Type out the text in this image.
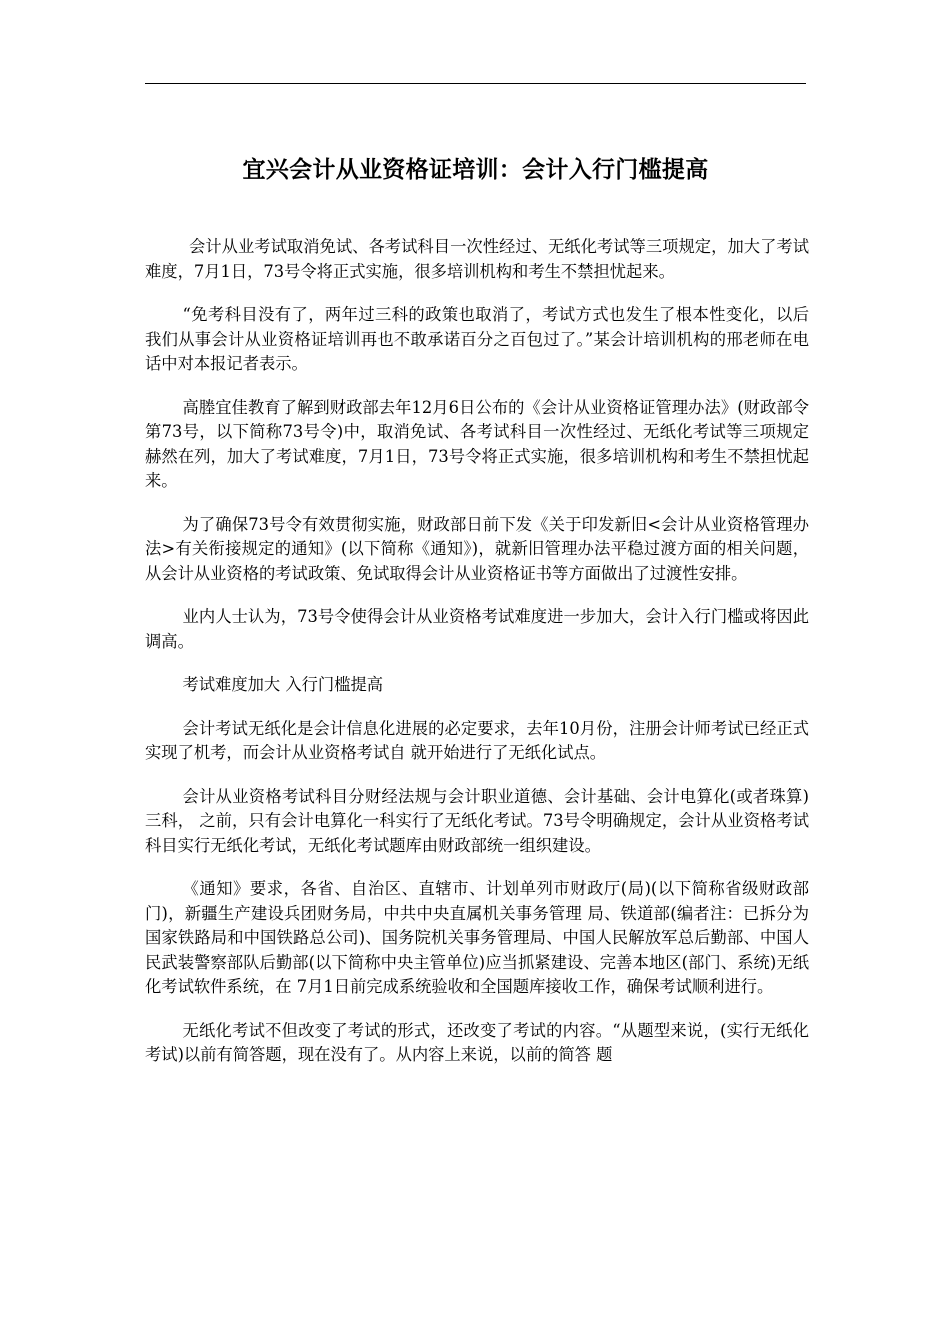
宜兴会计从业资格证培训：会计入行门槛提高

会计从业考试取消免试、各考试科目一次性经过、无纸化考试等三项规定，加大了考试难度，7月1日，73号令将正式实施，很多培训机构和考生不禁担忧起来。

“免考科目没有了，两年过三科的政策也取消了，考试方式也发生了根本性变化，以后我们从事会计从业资格证培训再也不敢承诺百分之百包过了。”某会计培训机构的邢老师在电话中对本报记者表示。

高塍宜佳教育了解到财政部去年12月6日公布的《会计从业资格证管理办法》(财政部令第73号，以下简称73号令)中，取消免试、各考试科目一次性经过、无纸化考试等三项规定赫然在列，加大了考试难度，7月1日，73号令将正式实施，很多培训机构和考生不禁担忧起来。

为了确保73号令有效贯彻实施，财政部日前下发《关于印发新旧<会计从业资格管理办法>有关衔接规定的通知》(以下简称《通知》)，就新旧管理办法平稳过渡方面的相关问题，从会计从业资格的考试政策、免试取得会计从业资格证书等方面做出了过渡性安排。

业内人士认为，73号令使得会计从业资格考试难度进一步加大，会计入行门槛或将因此调高。

考试难度加大 入行门槛提高

会计考试无纸化是会计信息化进展的必定要求，去年10月份，注册会计师考试已经正式实现了机考，而会计从业资格考试自 就开始进行了无纸化试点。

会计从业资格考试科目分财经法规与会计职业道德、会计基础、会计电算化(或者珠算)三科， 之前，只有会计电算化一科实行了无纸化考试。73号令明确规定，会计从业资格考试科目实行无纸化考试，无纸化考试题库由财政部统一组织建设。

《通知》要求，各省、自治区、直辖市、计划单列市财政厅(局)(以下简称省级财政部门)，新疆生产建设兵团财务局，中共中央直属机关事务管理 局、铁道部(编者注：已拆分为国家铁路局和中国铁路总公司)、国务院机关事务管理局、中国人民解放军总后勤部、中国人民武装警察部队后勤部(以下简称中央主管单位)应当抓紧建设、完善本地区(部门、系统)无纸化考试软件系统，在 7月1日前完成系统验收和全国题库接收工作，确保考试顺利进行。

无纸化考试不但改变了考试的形式，还改变了考试的内容。“从题型来说，(实行无纸化考试)以前有简答题，现在没有了。从内容上来说，以前的简答 题
